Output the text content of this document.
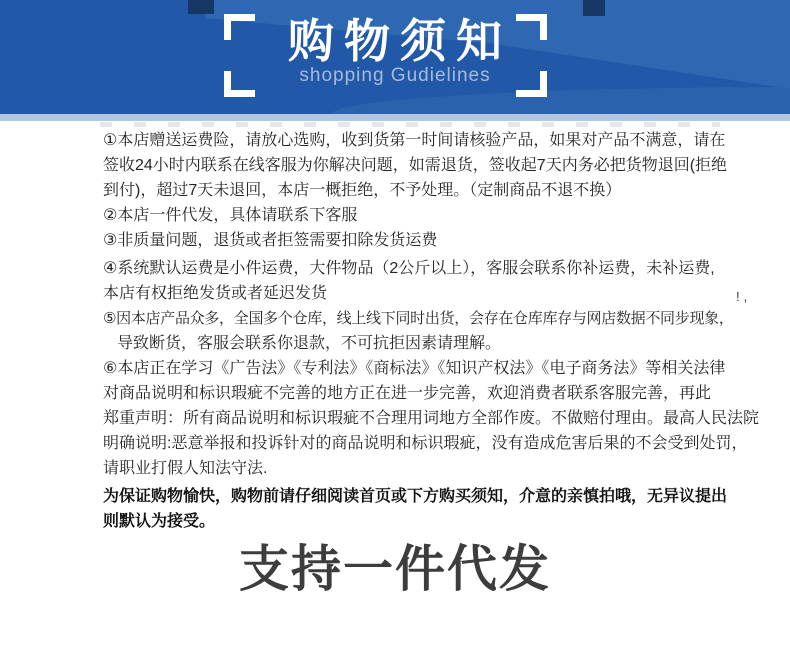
购物须知
shopping Gudielines
①本店赠送运费险，请放心选购，收到货第一时间请核验产品，如果对产品不满意，请在
签收24小时内联系在线客服为你解决问题，如需退货，签收起7天内务必把货物退回(拒绝
到付)，超过7天未退回，本店一概拒绝，不予处理。（定制商品不退不换）
②本店一件代发，具体请联系下客服
③非质量问题，退货或者拒签需要扣除发货运费
④系统默认运费是小件运费，大件物品（2公斤以上），客服会联系你补运费，未补运费,
本店有权拒绝发货或者延迟发货
⑤因本店产品众多，全国多个仓库，线上线下同时出货，会存在仓库库存与网店数据不同步现象，
导致断货，客服会联系你退款，不可抗拒因素请理解。
⑥本店正在学习《广告法》《专利法》《商标法》《知识产权法》《电子商务法》等相关法律
对商品说明和标识瑕疵不完善的地方正在进一步完善，欢迎消费者联系客服完善，再此
郑重声明：所有商品说明和标识瑕疵不合理用词地方全部作废。不做赔付理由。最高人民法院
明确说明:恶意举报和投诉针对的商品说明和标识瑕疵，没有造成危害后果的不会受到处罚，
请职业打假人知法守法.
为保证购物愉快，购物前请仔细阅读首页或下方购买须知，介意的亲慎拍哦，无异议提出
则默认为接受。
!,
支持一件代发
